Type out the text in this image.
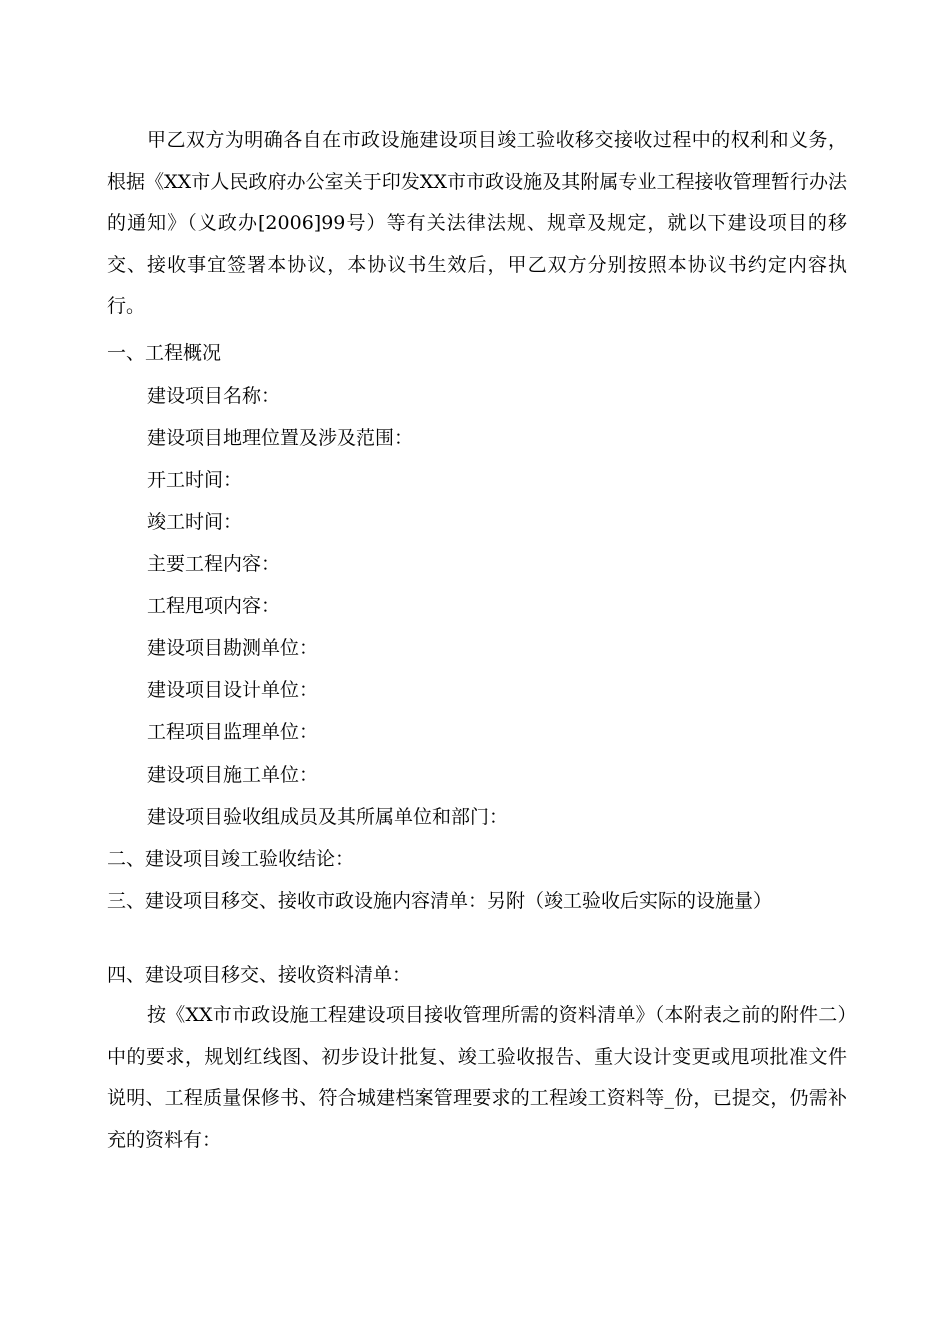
甲乙双方为明确各自在市政设施建设项目竣工验收移交接收过程中的权利和义务，根据《XX市人民政府办公室关于印发XX市市政设施及其附属专业工程接收管理暂行办法的通知》（义政办[2006]99号）等有关法律法规、规章及规定，就以下建设项目的移交、接收事宜签署本协议，本协议书生效后，甲乙双方分别按照本协议书约定内容执行。

一、工程概况

建设项目名称：

建设项目地理位置及涉及范围：

开工时间：

竣工时间：

主要工程内容：

工程甩项内容：

建设项目勘测单位：

建设项目设计单位：

工程项目监理单位：

建设项目施工单位：

建设项目验收组成员及其所属单位和部门：

二、建设项目竣工验收结论：

三、建设项目移交、接收市政设施内容清单：另附（竣工验收后实际的设施量）

四、建设项目移交、接收资料清单：

按《XX市市政设施工程建设项目接收管理所需的资料清单》（本附表之前的附件二）中的要求，规划红线图、初步设计批复、竣工验收报告、重大设计变更或甩项批准文件说明、工程质量保修书、符合城建档案管理要求的工程竣工资料等_份，已提交，仍需补充的资料有：
